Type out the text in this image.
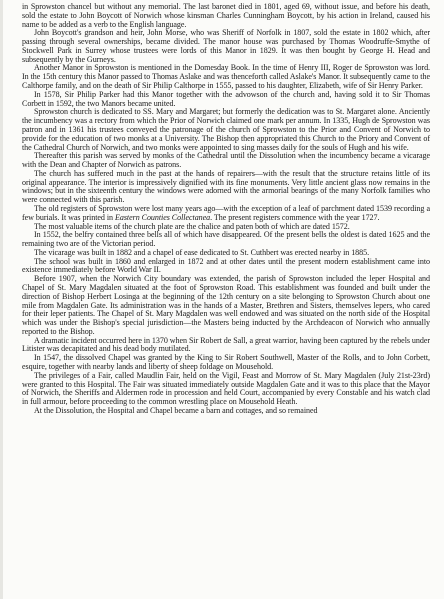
in Sprowston chancel but without any memorial. The last baronet died in 1801, aged 69, without issue, and before his death, sold the estate to John Boycott of Norwich whose kinsman Charles Cunningham Boycott, by his action in Ireland, caused his name to be added as a verb to the English language.

John Boycott's grandson and heir, John Morse, who was Sheriff of Norfolk in 1807, sold the estate in 1802 which, after passing through several ownerships, became divided. The manor house was purchased by Thomas Woodruffe-Smythe of Stockwell Park in Surrey whose trustees were lords of this Manor in 1829. It was then bought by George H. Head and subsequently by the Gurneys.

Another Manor in Sprowston is mentioned in the Domesday Book. In the time of Henry III, Roger de Sprowston was lord. In the 15th century this Manor passed to Thomas Aslake and was thenceforth called Aslake's Manor. It subsequently came to the Calthorpe family, and on the death of Sir Philip Calthorpe in 1555, passed to his daughter, Elizabeth, wife of Sir Henry Parker.

In 1578, Sir Philip Parker had this Manor together with the advowson of the church and, having sold it to Sir Thomas Corbett in 1592, the two Manors became united.

Sprowston church is dedicated to SS. Mary and Margaret; but formerly the dedication was to St. Margaret alone. Anciently the incumbency was a rectory from which the Prior of Norwich claimed one mark per annum. In 1335, Hugh de Sprowston was patron and in 1361 his trustees conveyed the patronage of the church of Sprowston to the Prior and Convent of Norwich to provide for the education of two monks at a University. The Bishop then appropriated this Church to the Priory and Convent of the Cathedral Church of Norwich, and two monks were appointed to sing masses daily for the souls of Hugh and his wife.

Thereafter this parish was served by monks of the Cathedral until the Dissolution when the incumbency became a vicarage with the Dean and Chapter of Norwich as patrons.

The church has suffered much in the past at the hands of repairers—with the result that the structure retains little of its original appearance. The interior is impressively dignified with its fine monuments. Very little ancient glass now remains in the windows; but in the sixteenth century the windows were adorned with the armorial bearings of the many Norfolk families who were connected with this parish.

The old registers of Sprowston were lost many years ago—with the exception of a leaf of parchment dated 1539 recording a few burials. It was printed in Eastern Counties Collectanea. The present registers commence with the year 1727.

The most valuable items of the church plate are the chalice and paten both of which are dated 1572.

In 1552, the belfry contained three bells all of which have disappeared. Of the present bells the oldest is dated 1625 and the remaining two are of the Victorian period.

The vicarage was built in 1882 and a chapel of ease dedicated to St. Cuthbert was erected nearby in 1885.

The school was built in 1860 and enlarged in 1872 and at other dates until the present modern establishment came into existence immediately before World War II.

Before 1907, when the Norwich City boundary was extended, the parish of Sprowston included the leper Hospital and Chapel of St. Mary Magdalen situated at the foot of Sprowston Road. This establishment was founded and built under the direction of Bishop Herbert Losinga at the beginning of the 12th century on a site belonging to Sprowston Church about one mile from Magdalen Gate. Its administration was in the hands of a Master, Brethren and Sisters, themselves lepers, who cared for their leper patients. The Chapel of St. Mary Magdalen was well endowed and was situated on the north side of the Hospital which was under the Bishop's special jurisdiction—the Masters being inducted by the Archdeacon of Norwich who annually reported to the Bishop.

A dramatic incident occurred here in 1370 when Sir Robert de Sall, a great warrior, having been captured by the rebels under Litister was decapitated and his dead body mutilated.

In 1547, the dissolved Chapel was granted by the King to Sir Robert Southwell, Master of the Rolls, and to John Corbett, esquire, together with nearby lands and liberty of sheep foldage on Mousehold.

The privileges of a Fair, called Maudlin Fair, held on the Vigil, Feast and Morrow of St. Mary Magdalen (July 21st-23rd) were granted to this Hospital. The Fair was situated immediately outside Magdalen Gate and it was to this place that the Mayor of Norwich, the Sheriffs and Aldermen rode in procession and held Court, accompanied by every Constable and his watch clad in full armour, before proceeding to the common wrestling place on Mousehold Heath.

At the Dissolution, the Hospital and Chapel became a barn and cottages, and so remained
